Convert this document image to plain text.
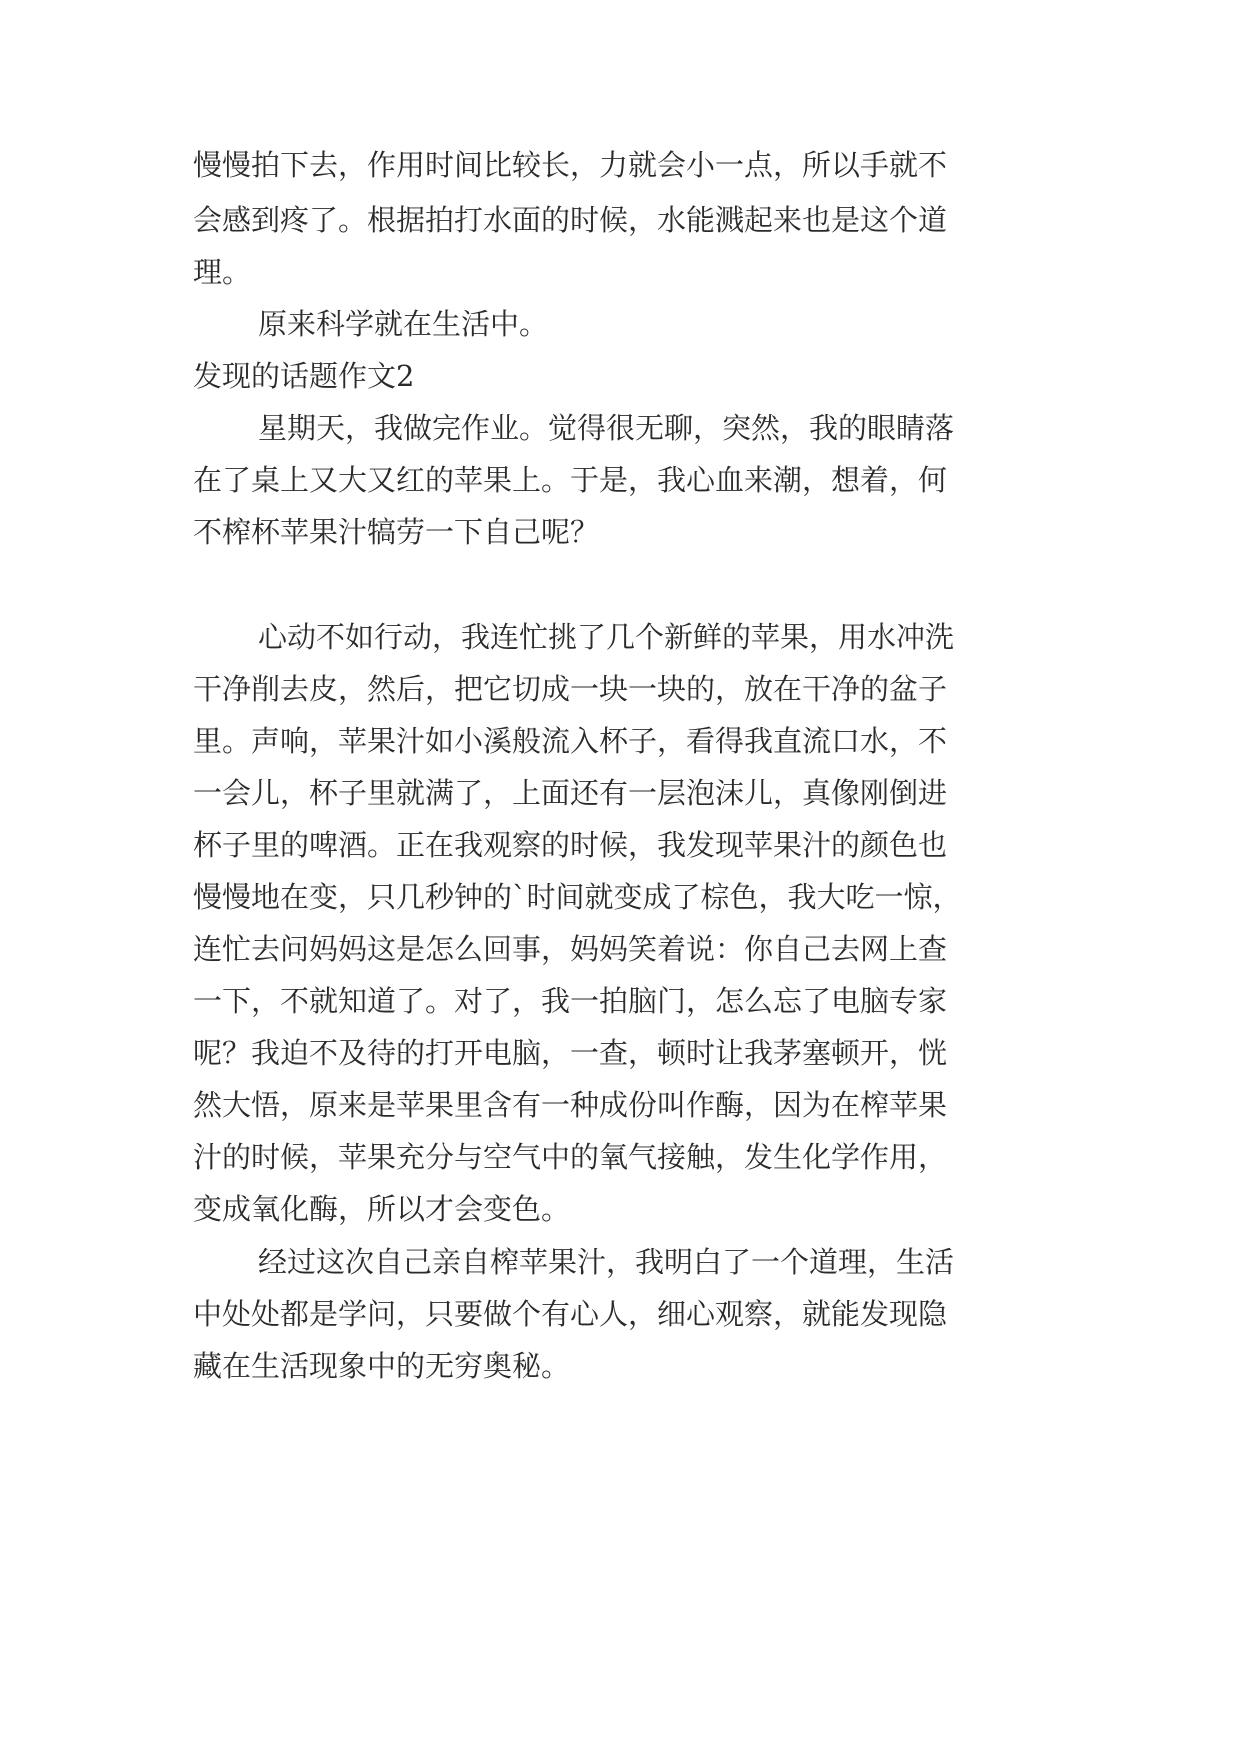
慢慢拍下去，作用时间比较长，力就会小一点，所以手就不
会感到疼了。根据拍打水面的时候，水能溅起来也是这个道
理。
原来科学就在生活中。
发现的话题作文2
星期天，我做完作业。觉得很无聊，突然，我的眼睛落
在了桌上又大又红的苹果上。于是，我心血来潮，想着，何
不榨杯苹果汁犒劳一下自己呢？
心动不如行动，我连忙挑了几个新鲜的苹果，用水冲洗
干净削去皮，然后，把它切成一块一块的，放在干净的盆子
里。声响，苹果汁如小溪般流入杯子，看得我直流口水，不
一会儿，杯子里就满了，上面还有一层泡沫儿，真像刚倒进
杯子里的啤酒。正在我观察的时候，我发现苹果汁的颜色也
慢慢地在变，只几秒钟的`时间就变成了棕色，我大吃一惊，
连忙去问妈妈这是怎么回事，妈妈笑着说：你自己去网上查
一下，不就知道了。对了，我一拍脑门，怎么忘了电脑专家
呢？我迫不及待的打开电脑，一查，顿时让我茅塞顿开，恍
然大悟，原来是苹果里含有一种成份叫作酶，因为在榨苹果
汁的时候，苹果充分与空气中的氧气接触，发生化学作用，
变成氧化酶，所以才会变色。
经过这次自己亲自榨苹果汁，我明白了一个道理，生活
中处处都是学问，只要做个有心人，细心观察，就能发现隐
藏在生活现象中的无穷奥秘。
